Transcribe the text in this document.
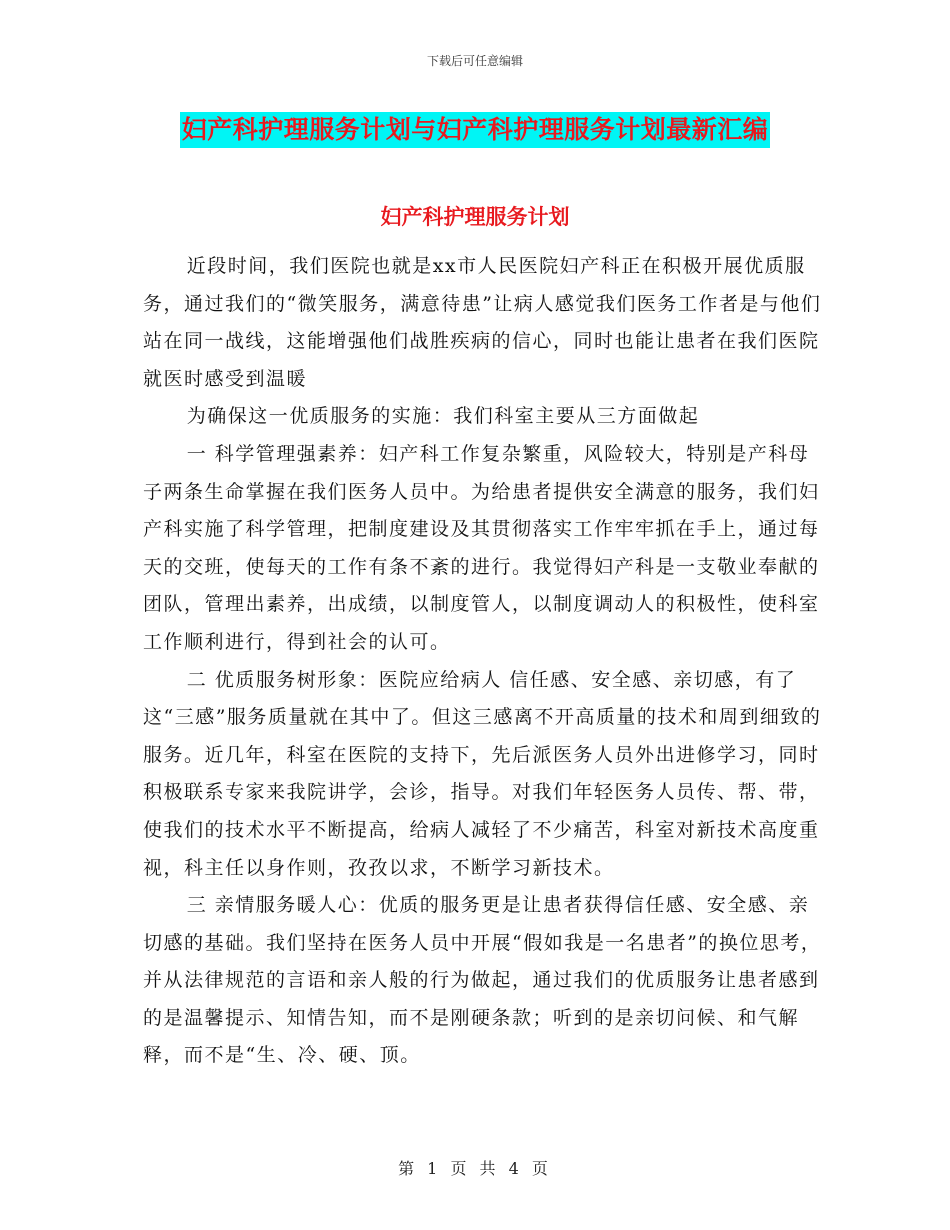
下载后可任意编辑
妇产科护理服务计划与妇产科护理服务计划最新汇编
妇产科护理服务计划

近段时间，我们医院也就是xx市人民医院妇产科正在积极开展优质服务，通过我们的“微笑服务，满意待患”让病人感觉我们医务工作者是与他们站在同一战线，这能增强他们战胜疾病的信心，同时也能让患者在我们医院就医时感受到温暖

为确保这一优质服务的实施：我们科室主要从三方面做起

一 科学管理强素养：妇产科工作复杂繁重，风险较大，特别是产科母子两条生命掌握在我们医务人员中。为给患者提供安全满意的服务，我们妇产科实施了科学管理，把制度建设及其贯彻落实工作牢牢抓在手上，通过每天的交班，使每天的工作有条不紊的进行。我觉得妇产科是一支敬业奉献的团队，管理出素养，出成绩，以制度管人，以制度调动人的积极性，使科室工作顺利进行，得到社会的认可。

二 优质服务树形象：医院应给病人 信任感、安全感、亲切感，有了这“三感”服务质量就在其中了。但这三感离不开高质量的技术和周到细致的服务。近几年，科室在医院的支持下，先后派医务人员外出进修学习，同时积极联系专家来我院讲学，会诊，指导。对我们年轻医务人员传、帮、带，使我们的技术水平不断提高，给病人减轻了不少痛苦，科室对新技术高度重视，科主任以身作则，孜孜以求，不断学习新技术。

三 亲情服务暖人心：优质的服务更是让患者获得信任感、安全感、亲切感的基础。我们坚持在医务人员中开展“假如我是一名患者”的换位思考，并从法律规范的言语和亲人般的行为做起，通过我们的优质服务让患者感到的是温馨提示、知情告知，而不是刚硬条款；听到的是亲切问候、和气解释，而不是“生、冷、硬、顶。

第 1 页 共 4 页
